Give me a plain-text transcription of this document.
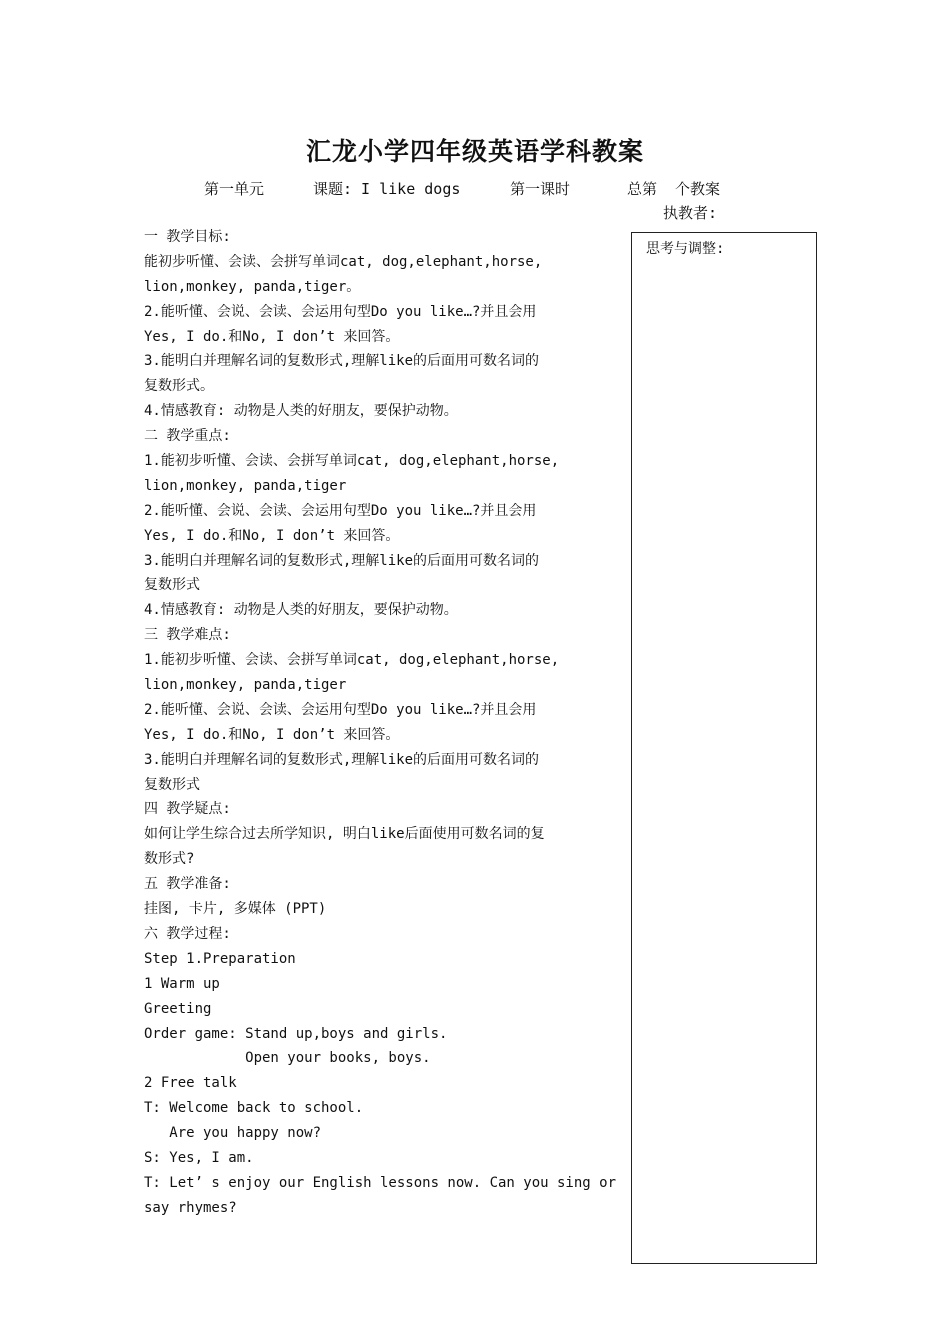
汇龙小学四年级英语学科教案
第一单元	课题: I like dogs	第一课时	总第  个教案
执教者:
一 教学目标:
能初步听懂、会读、会拼写单词cat, dog,elephant,horse,
lion,monkey, panda,tiger。
2.能听懂、会说、会读、会运用句型Do you like…?并且会用
Yes, I do.和No, I don’t 来回答。
3.能明白并理解名词的复数形式,理解like的后面用可数名词的
复数形式。
4.情感教育: 动物是人类的好朋友，要保护动物。
二 教学重点:
1.能初步听懂、会读、会拼写单词cat, dog,elephant,horse,
lion,monkey, panda,tiger
2.能听懂、会说、会读、会运用句型Do you like…?并且会用
Yes, I do.和No, I don’t 来回答。
3.能明白并理解名词的复数形式,理解like的后面用可数名词的
复数形式
4.情感教育: 动物是人类的好朋友，要保护动物。
三 教学难点:
1.能初步听懂、会读、会拼写单词cat, dog,elephant,horse,
lion,monkey, panda,tiger
2.能听懂、会说、会读、会运用句型Do you like…?并且会用
Yes, I do.和No, I don’t 来回答。
3.能明白并理解名词的复数形式,理解like的后面用可数名词的
复数形式
四 教学疑点:
如何让学生综合过去所学知识, 明白like后面使用可数名词的复
数形式?
五 教学准备:
挂图, 卡片, 多媒体 (PPT)
六 教学过程:
Step 1.Preparation
1 Warm up
Greeting
Order game: Stand up,boys and girls.
Open your books, boys.
2 Free talk
T: Welcome back to school.
Are you happy now?
S: Yes, I am.
T: Let’ s enjoy our English lessons now. Can you sing or
say rhymes?
思考与调整:
